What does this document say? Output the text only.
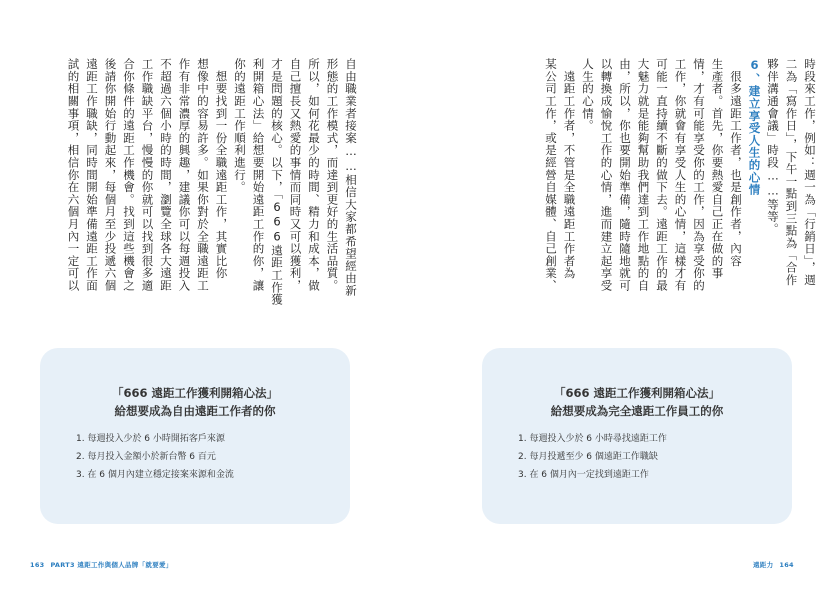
自由職業者接案……相信大家都希望經由新
形態的工作模式，而達到更好的生活品質。
所以，如何花最少的時間、精力和成本，做
自己擅長又熱愛的事情而同時又可以獲利，
才是問題的核心。以下，「666遠距工作獲
利開箱心法」給想要開始遠距工作的你，讓
你的遠距工作順利進行。
　想要找到一份全職遠距工作，其實比你
想像中的容易許多。如果你對於全職遠距工
作有非常濃厚的興趣，建議你可以每週投入
不超過六個小時的時間，瀏覽全球各大遠距
工作職缺平台，慢慢的你就可以找到很多適
合你條件的遠距工作機會。找到這些機會之
後請你開始行動起來，每個月至少投遞六個
遠距工作職缺，同時間開始準備遠距工作面
試的相關事項，相信你在六個月內一定可以
「666 遠距工作獲利開箱心法」
給想要成為自由遠距工作者的你
1. 每週投入少於 6 小時開拓客戶來源
2. 每月投入金額小於新台幣 6 百元
3. 在 6 個月內建立穩定接案來源和金流
163 PART3 遠距工作與個人品牌「就要愛」
時段來工作，例如：週一為「行銷日」，週
二為「寫作日」，下午一點到三點為「合作
夥伴溝通會議」時段……等等。
6、建立享受人生的心情
　很多遠距工作者，也是創作者，內容
生產者。首先，你要熱愛自己正在做的事
情，才有可能享受你的工作，因為享受你的
工作，你就會有享受人生的心情，這樣才有
可能一直持續不斷的做下去。遠距工作的最
大魅力就是能夠幫助我們達到工作地點的自
由，所以，你也要開始準備，隨時隨地就可
以轉換成愉悅工作的心情，進而建立起享受
人生的心情。
　遠距工作者，不管是全職遠距工作者為
某公司工作，或是經營自媒體、自己創業、
「666 遠距工作獲利開箱心法」
給想要成為完全遠距工作員工的你
1. 每週投入少於 6 小時尋找遠距工作
2. 每月投遞至少 6 個遠距工作職缺
3. 在 6 個月內一定找到遠距工作
遠距力 164
